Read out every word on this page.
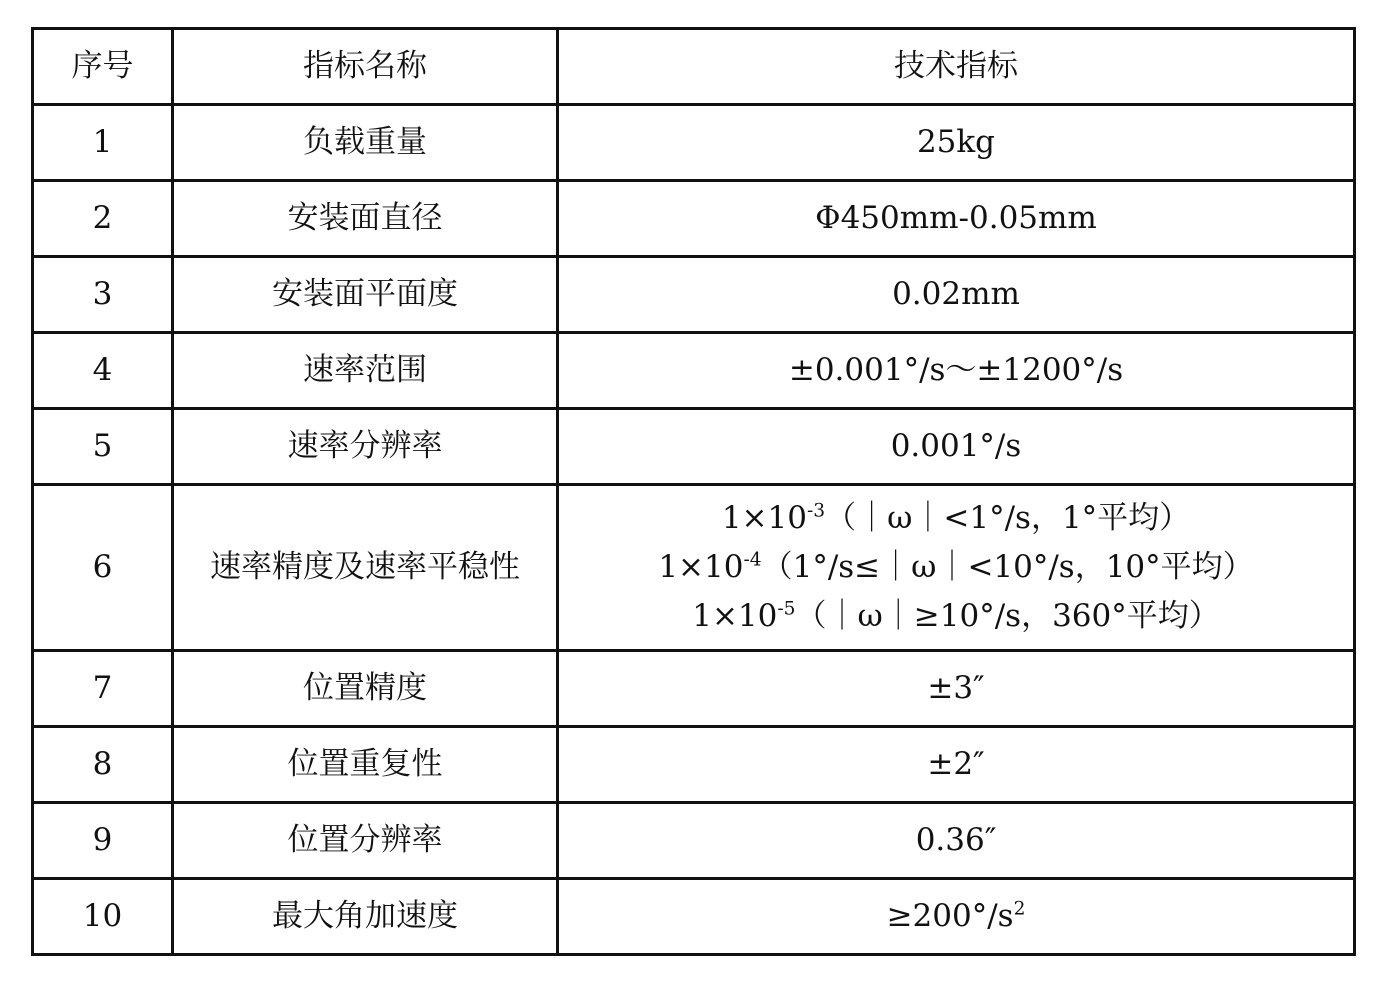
序号	指标名称	技术指标
1	负载重量	25kg
2	安装面直径	Φ450mm-0.05mm
3	安装面平面度	0.02mm
4	速率范围	±0.001°/s～±1200°/s
5	速率分辨率	0.001°/s
6	速率精度及速率平稳性	$1\times 10^{-3}(|\omega|<1^\circ/s$，1°平均）
$1\times 10^{-4}(1^\circ/s\le|\omega|<10^\circ/s$，10°平均）
$1\times 10^{-5}(|\omega|\ge 10^\circ/s$，360°平均）

7	位置精度	±3″
8	位置重复性	±2″
9	位置分辨率	0.36″
10	最大角加速度	$\ge 200^\circ/s^2$
